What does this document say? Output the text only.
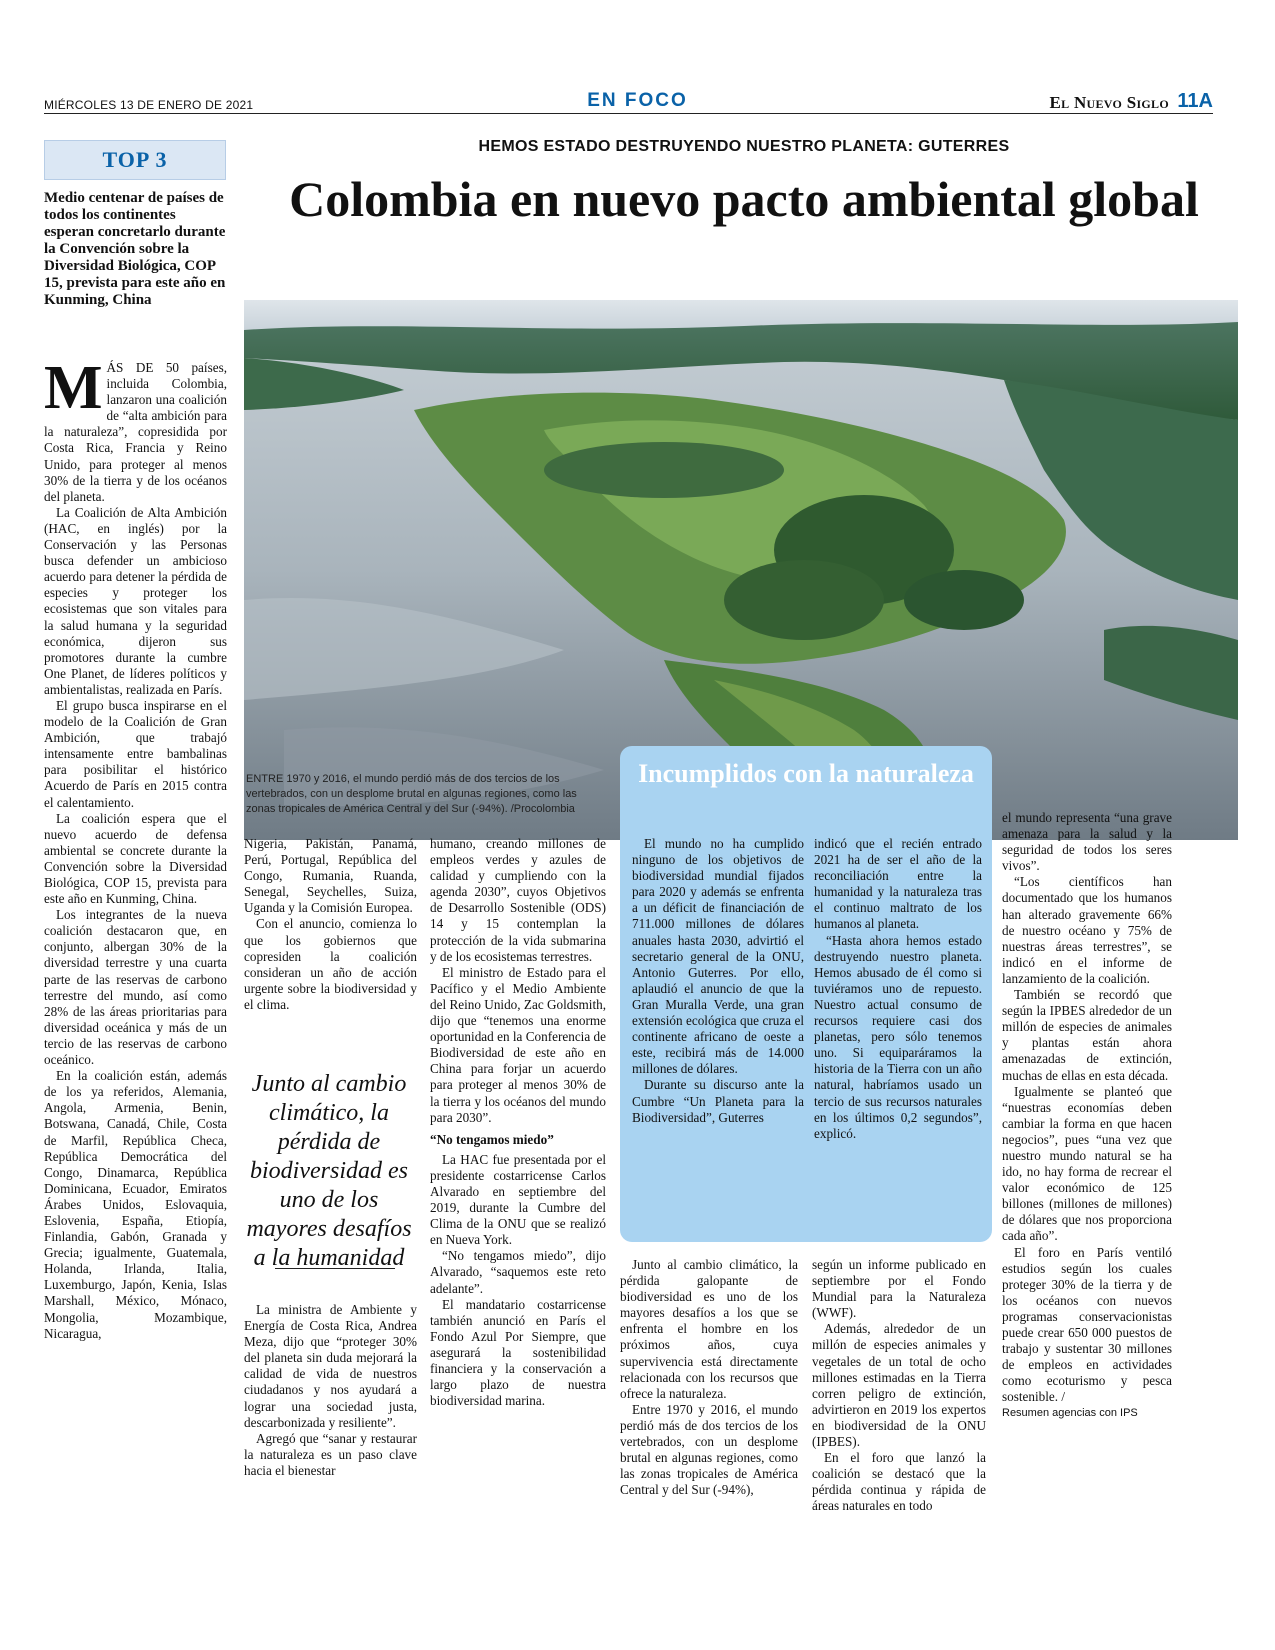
MIÉRCOLES 13 DE ENERO DE 2021	EN FOCO	El Nuevo Siglo 11A
TOP 3
Medio centenar de países de todos los continentes esperan concretarlo durante la Convención sobre la Diversidad Biológica, COP 15, prevista para este año en Kunming, China
HEMOS ESTADO DESTRUYENDO NUESTRO PLANETA: GUTERRES
Colombia en nuevo pacto ambiental global
ENTRE 1970 y 2016, el mundo perdió más de dos tercios de los vertebrados, con un desplome brutal en algunas regiones, como las zonas tropicales de América Central y del Sur (-94%). /Procolombia

MÁS DE 50 países, incluida Colombia, lanzaron una coalición de “alta ambición para la naturaleza”, copresidida por Costa Rica, Francia y Reino Unido, para proteger al menos 30% de la tierra y de los océanos del planeta.

La Coalición de Alta Ambición (HAC, en inglés) por la Conservación y las Personas busca defender un ambicioso acuerdo para detener la pérdida de especies y proteger los ecosistemas que son vitales para la salud humana y la seguridad económica, dijeron sus promotores durante la cumbre One Planet, de líderes políticos y ambientalistas, realizada en París.

El grupo busca inspirarse en el modelo de la Coalición de Gran Ambición, que trabajó intensamente entre bambalinas para posibilitar el histórico Acuerdo de París en 2015 contra el calentamiento.

La coalición espera que el nuevo acuerdo de defensa ambiental se concrete durante la Convención sobre la Diversidad Biológica, COP 15, prevista para este año en Kunming, China.

Los integrantes de la nueva coalición destacaron que, en conjunto, albergan 30% de la diversidad terrestre y una cuarta parte de las reservas de carbono terrestre del mundo, así como 28% de las áreas prioritarias para diversidad oceánica y más de un tercio de las reservas de carbono oceánico.

En la coalición están, además de los ya referidos, Alemania, Angola, Armenia, Benin, Botswana, Canadá, Chile, Costa de Marfil, República Checa, República Democrática del Congo, Dinamarca, República Dominicana, Ecuador, Emiratos Árabes Unidos, Eslovaquia, Eslovenia, España, Etiopía, Finlandia, Gabón, Granada y Grecia; igualmente, Guatemala, Holanda, Irlanda, Italia, Luxemburgo, Japón, Kenia, Islas Marshall, México, Mónaco, Mongolia, Mozambique, Nicaragua,

Nigeria, Pakistán, Panamá, Perú, Portugal, República del Congo, Rumania, Ruanda, Senegal, Seychelles, Suiza, Uganda y la Comisión Europea.

Con el anuncio, comienza lo que los gobiernos que copresiden la coalición consideran un año de acción urgente sobre la biodiversidad y el clima.

Junto al cambio climático, la pérdida de biodiversidad es uno de los mayores desafíos a la humanidad

La ministra de Ambiente y Energía de Costa Rica, Andrea Meza, dijo que “proteger 30% del planeta sin duda mejorará la calidad de vida de nuestros ciudadanos y nos ayudará a lograr una sociedad justa, descarbonizada y resiliente”.

Agregó que “sanar y restaurar la naturaleza es un paso clave hacia el bienestar

humano, creando millones de empleos verdes y azules de calidad y cumpliendo con la agenda 2030”, cuyos Objetivos de Desarrollo Sostenible (ODS) 14 y 15 contemplan la protección de la vida submarina y de los ecosistemas terrestres.

El ministro de Estado para el Pacífico y el Medio Ambiente del Reino Unido, Zac Goldsmith, dijo que “tenemos una enorme oportunidad en la Conferencia de Biodiversidad de este año en China para forjar un acuerdo para proteger al menos 30% de la tierra y los océanos del mundo para 2030”.

“No tengamos miedo”

La HAC fue presentada por el presidente costarricense Carlos Alvarado en septiembre del 2019, durante la Cumbre del Clima de la ONU que se realizó en Nueva York.

“No tengamos miedo”, dijo Alvarado, “saquemos este reto adelante”.

El mandatario costarricense también anunció en París el Fondo Azul Por Siempre, que asegurará la sostenibilidad financiera y la conservación a largo plazo de nuestra biodiversidad marina.

Incumplidos con la naturaleza

El mundo no ha cumplido ninguno de los objetivos de biodiversidad mundial fijados para 2020 y además se enfrenta a un déficit de financiación de 711.000 millones de dólares anuales hasta 2030, advirtió el secretario general de la ONU, Antonio Guterres. Por ello, aplaudió el anuncio de que la Gran Muralla Verde, una gran extensión ecológica que cruza el continente africano de oeste a este, recibirá más de 14.000 millones de dólares.

Durante su discurso ante la Cumbre “Un Planeta para la Biodiversidad”, Guterres

indicó que el recién entrado 2021 ha de ser el año de la reconciliación entre la humanidad y la naturaleza tras el continuo maltrato de los humanos al planeta.

“Hasta ahora hemos estado destruyendo nuestro planeta. Hemos abusado de él como si tuviéramos uno de repuesto. Nuestro actual consumo de recursos requiere casi dos planetas, pero sólo tenemos uno. Si equiparáramos la historia de la Tierra con un año natural, habríamos usado un tercio de sus recursos naturales en los últimos 0,2 segundos”, explicó.

Junto al cambio climático, la pérdida galopante de biodiversidad es uno de los mayores desafíos a los que se enfrenta el hombre en los próximos años, cuya supervivencia está directamente relacionada con los recursos que ofrece la naturaleza.

Entre 1970 y 2016, el mundo perdió más de dos tercios de los vertebrados, con un desplome brutal en algunas regiones, como las zonas tropicales de América Central y del Sur (-94%),

según un informe publicado en septiembre por el Fondo Mundial para la Naturaleza (WWF).

Además, alrededor de un millón de especies animales y vegetales de un total de ocho millones estimadas en la Tierra corren peligro de extinción, advirtieron en 2019 los expertos en biodiversidad de la ONU (IPBES).

En el foro que lanzó la coalición se destacó que la pérdida continua y rápida de áreas naturales en todo

el mundo representa “una grave amenaza para la salud y la seguridad de todos los seres vivos”.

“Los científicos han documentado que los humanos han alterado gravemente 66% de nuestro océano y 75% de nuestras áreas terrestres”, se indicó en el informe de lanzamiento de la coalición.

También se recordó que según la IPBES alrededor de un millón de especies de animales y plantas están ahora amenazadas de extinción, muchas de ellas en esta década.

Igualmente se planteó que “nuestras economías deben cambiar la forma en que hacen negocios”, pues “una vez que nuestro mundo natural se ha ido, no hay forma de recrear el valor económico de 125 billones (millones de millones) de dólares que nos proporciona cada año”.

El foro en París ventiló estudios según los cuales proteger 30% de la tierra y de los océanos con nuevos programas conservacionistas puede crear 650 000 puestos de trabajo y sustentar 30 millones de empleos en actividades como ecoturismo y pesca sostenible. /

Resumen agencias con IPS
